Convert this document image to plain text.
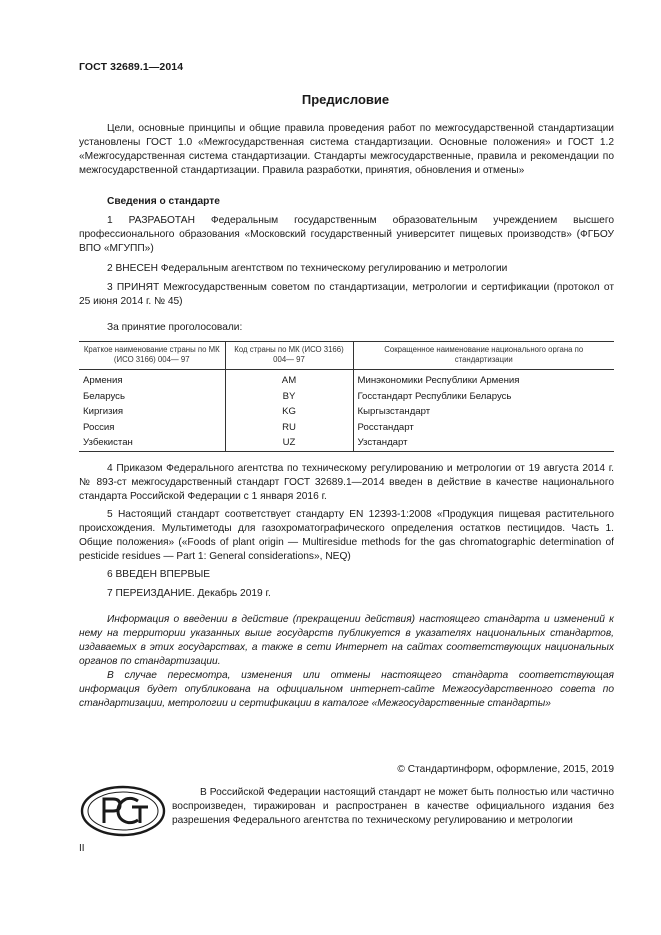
ГОСТ 32689.1—2014
Предисловие

Цели, основные принципы и общие правила проведения работ по межгосударственной стандартизации установлены ГОСТ 1.0 «Межгосударственная система стандартизации. Основные положения» и ГОСТ 1.2 «Межгосударственная система стандартизации. Стандарты межгосударственные, правила и рекомендации по межгосударственной стандартизации. Правила разработки, принятия, обновления и отмены»

Сведения о стандарте

1 РАЗРАБОТАН Федеральным государственным образовательным учреждением высшего профессионального образования «Московский государственный университет пищевых производств» (ФГБОУ ВПО «МГУПП»)

2 ВНЕСЕН Федеральным агентством по техническому регулированию и метрологии

3 ПРИНЯТ Межгосударственным советом по стандартизации, метрологии и сертификации (протокол от 25 июня 2014 г. № 45)

За принятие проголосовали:

Краткое наименование страны по МК (ИСО 3166) 004— 97	Код страны по МК (ИСО 3166) 004— 97	Сокращенное наименование национального органа по стандартизации
Армения	AM	Минэкономики Республики Армения
Беларусь	BY	Госстандарт Республики Беларусь
Киргизия	KG	Кыргызстандарт
Россия	RU	Росстандарт
Узбекистан	UZ	Узстандарт

4 Приказом Федерального агентства по техническому регулированию и метрологии от 19 августа 2014 г. № 893-ст межгосударственный стандарт ГОСТ 32689.1—2014 введен в действие в качестве национального стандарта Российской Федерации с 1 января 2016 г.

5 Настоящий стандарт соответствует стандарту EN 12393-1:2008 «Продукция пищевая растительного происхождения. Мультиметоды для газохроматографического определения остатков пестицидов. Часть 1. Общие положения» («Foods of plant origin — Multiresidue methods for the gas chromatographic determination of pesticide residues — Part 1: General considerations», NEQ)

6 ВВЕДЕН ВПЕРВЫЕ

7 ПЕРЕИЗДАНИЕ. Декабрь 2019 г.

Информация о введении в действие (прекращении действия) настоящего стандарта и изменений к нему на территории указанных выше государств публикуется в указателях национальных стандартов, издаваемых в этих государствах, а также в сети Интернет на сайтах соответствующих национальных органов по стандартизации.

В случае пересмотра, изменения или отмены настоящего стандарта соответствующая информация будет опубликована на официальном интернет-сайте Межгосударственного совета по стандартизации, метрологии и сертификации в каталоге «Межгосударственные стандарты»

© Стандартинформ, оформление, 2015, 2019

В Российской Федерации настоящий стандарт не может быть полностью или частично воспроизведен, тиражирован и распространен в качестве официального издания без разрешения Федерального агентства по техническому регулированию и метрологии

II
